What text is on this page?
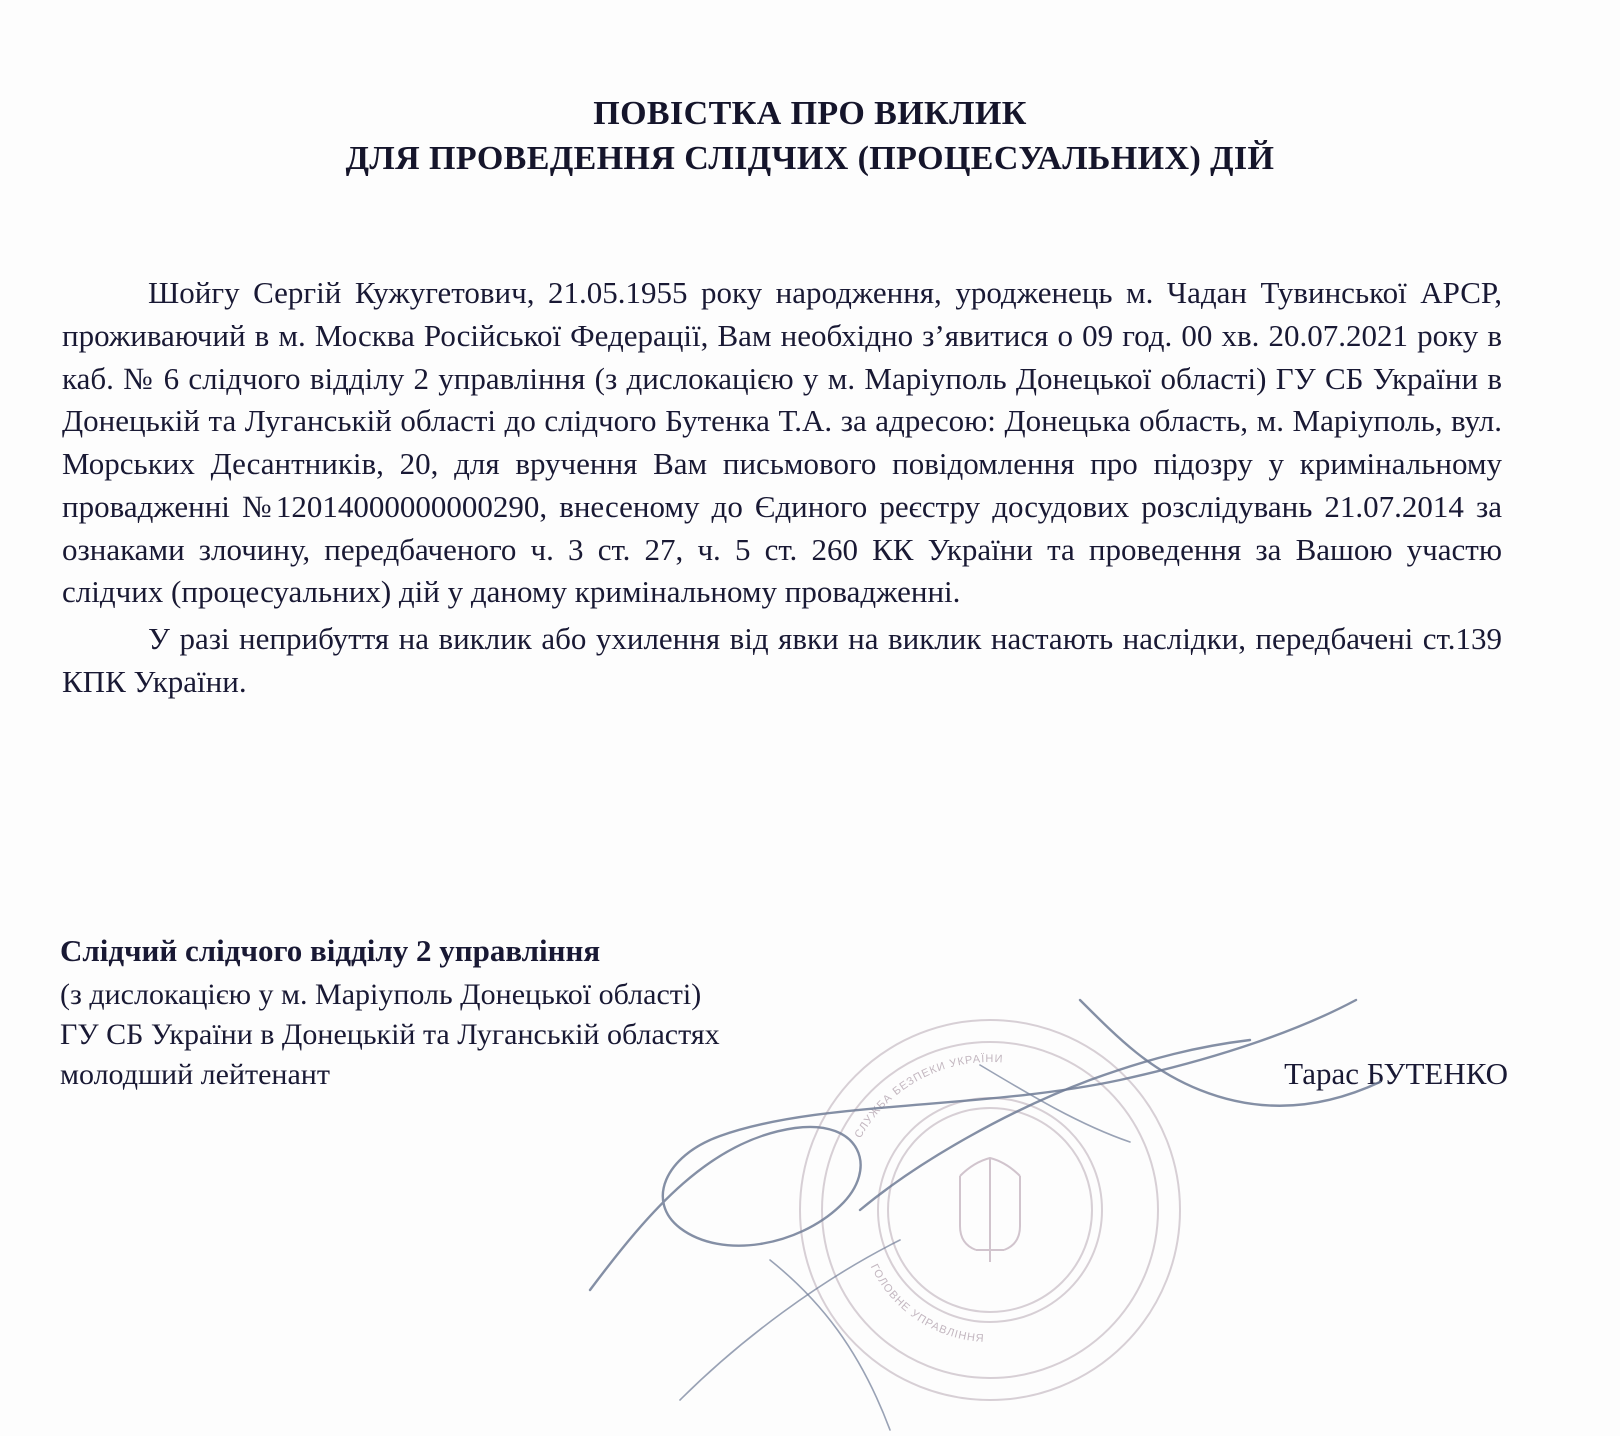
ПОВІСТКА ПРО ВИКЛИК
ДЛЯ ПРОВЕДЕННЯ СЛІДЧИХ (ПРОЦЕСУАЛЬНИХ) ДІЙ

Шойгу Сергій Кужугетович, 21.05.1955 року народження, уродженець м. Чадан Тувинської АРСР, проживаючий в м. Москва Російської Федерації, Вам необхідно з’явитися о 09 год. 00 хв. 20.07.2021 року в каб. № 6 слідчого відділу 2 управління (з дислокацією у м. Маріуполь Донецької області) ГУ СБ України в Донецькій та Луганській області до слідчого Бутенка Т.А. за адресою: Донецька область, м. Маріуполь, вул. Морських Десантників, 20, для вручення Вам письмового повідомлення про підозру у кримінальному провадженні №12014000000000290, внесеному до Єдиного реєстру досудових розслідувань 21.07.2014 за ознаками злочину, передбаченого ч. 3 ст. 27, ч. 5 ст. 260 КК України та проведення за Вашою участю слідчих (процесуальних) дій у даному кримінальному провадженні.

У разі неприбуття на виклик або ухилення від явки на виклик настають наслідки, передбачені ст.139 КПК України.

Слідчий слідчого відділу 2 управління
(з дислокацією у м. Маріуполь Донецької області)
ГУ СБ України в Донецькій та Луганській областях
молодший лейтенант	Тарас БУТЕНКО
СЛУЖБА БЕЗПЕКИ УКРАЇНИ
ГОЛОВНЕ УПРАВЛІННЯ
